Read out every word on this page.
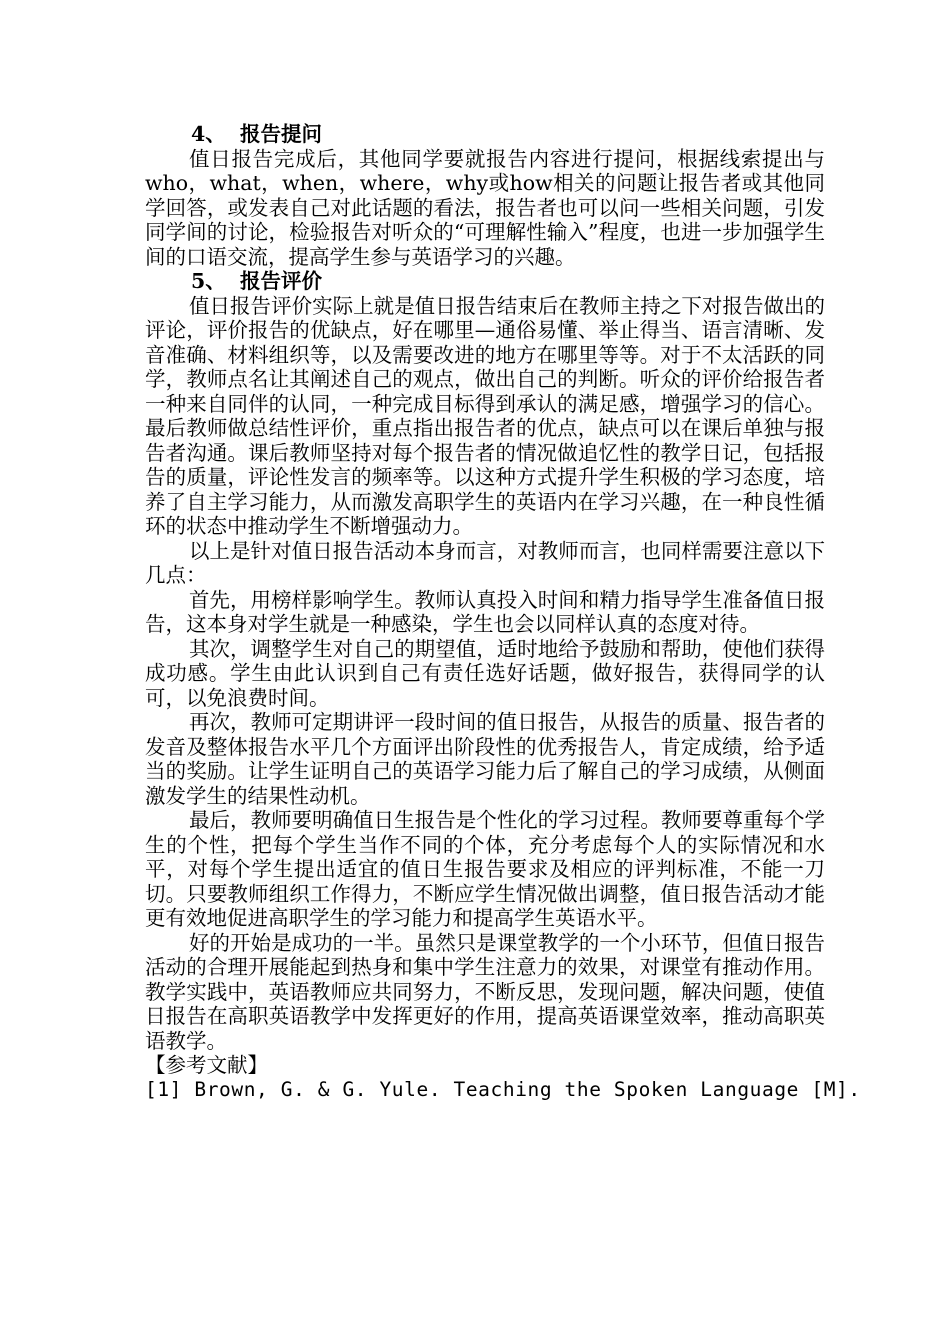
4、  报告提问

值日报告完成后，其他同学要就报告内容进行提问，根据线索提出与who，what，when，where，why或how相关的问题让报告者或其他同学回答，或发表自己对此话题的看法，报告者也可以问一些相关问题，引发同学间的讨论，检验报告对听众的“可理解性输入”程度，也进一步加强学生间的口语交流，提高学生参与英语学习的兴趣。

5、  报告评价

值日报告评价实际上就是值日报告结束后在教师主持之下对报告做出的评论，评价报告的优缺点，好在哪里—通俗易懂、举止得当、语言清晰、发音准确、材料组织等，以及需要改进的地方在哪里等等。对于不太活跃的同学，教师点名让其阐述自己的观点，做出自己的判断。听众的评价给报告者一种来自同伴的认同，一种完成目标得到承认的满足感，增强学习的信心。最后教师做总结性评价，重点指出报告者的优点，缺点可以在课后单独与报告者沟通。课后教师坚持对每个报告者的情况做追忆性的教学日记，包括报告的质量，评论性发言的频率等。以这种方式提升学生积极的学习态度，培养了自主学习能力，从而激发高职学生的英语内在学习兴趣，在一种良性循环的状态中推动学生不断增强动力。

以上是针对值日报告活动本身而言，对教师而言，也同样需要注意以下几点：

首先，用榜样影响学生。教师认真投入时间和精力指导学生准备值日报告，这本身对学生就是一种感染，学生也会以同样认真的态度对待。

其次，调整学生对自己的期望值，适时地给予鼓励和帮助，使他们获得成功感。学生由此认识到自己有责任选好话题，做好报告，获得同学的认可，以免浪费时间。

再次，教师可定期讲评一段时间的值日报告，从报告的质量、报告者的发音及整体报告水平几个方面评出阶段性的优秀报告人，肯定成绩，给予适当的奖励。让学生证明自己的英语学习能力后了解自己的学习成绩，从侧面激发学生的结果性动机。

最后，教师要明确值日生报告是个性化的学习过程。教师要尊重每个学生的个性，把每个学生当作不同的个体，充分考虑每个人的实际情况和水平，对每个学生提出适宜的值日生报告要求及相应的评判标准，不能一刀切。只要教师组织工作得力，不断应学生情况做出调整，值日报告活动才能更有效地促进高职学生的学习能力和提高学生英语水平。

好的开始是成功的一半。虽然只是课堂教学的一个小环节，但值日报告活动的合理开展能起到热身和集中学生注意力的效果，对课堂有推动作用。教学实践中，英语教师应共同努力，不断反思，发现问题，解决问题，使值日报告在高职英语教学中发挥更好的作用，提高英语课堂效率，推动高职英语教学。

【参考文献】

[1] Brown, G. & G. Yule. Teaching the Spoken Language [M].
